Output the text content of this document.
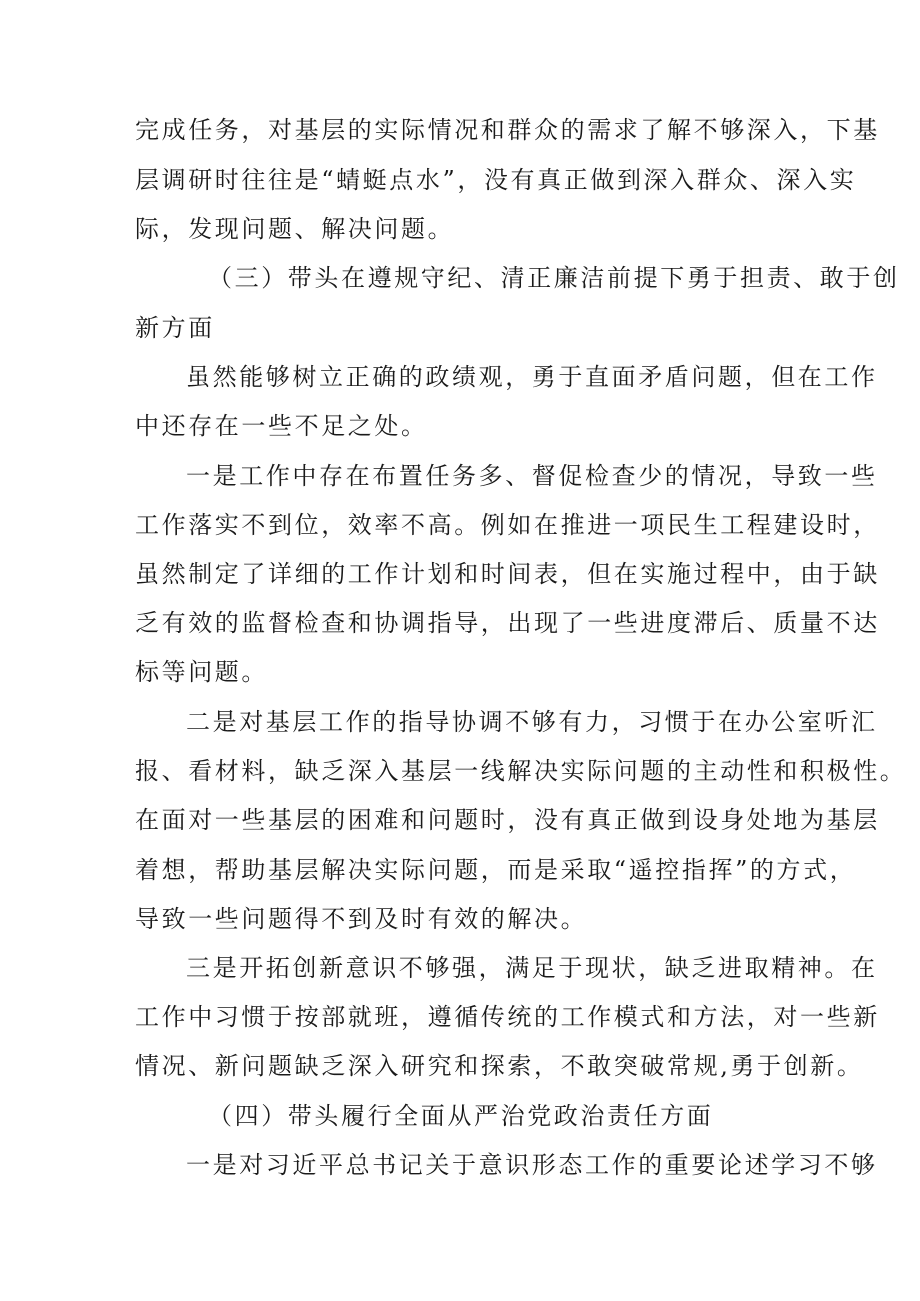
完成任务，对基层的实际情况和群众的需求了解不够深入，下基
层调研时往往是“蜻蜓点水”，没有真正做到深入群众、深入实
际，发现问题、解决问题。
（三）带头在遵规守纪、清正廉洁前提下勇于担责、敢于创
新方面
虽然能够树立正确的政绩观，勇于直面矛盾问题，但在工作
中还存在一些不足之处。
一是工作中存在布置任务多、督促检查少的情况，导致一些
工作落实不到位，效率不高。例如在推进一项民生工程建设时，
虽然制定了详细的工作计划和时间表，但在实施过程中，由于缺
乏有效的监督检查和协调指导，出现了一些进度滞后、质量不达
标等问题。
二是对基层工作的指导协调不够有力，习惯于在办公室听汇
报、看材料，缺乏深入基层一线解决实际问题的主动性和积极性。
在面对一些基层的困难和问题时，没有真正做到设身处地为基层
着想，帮助基层解决实际问题，而是采取“遥控指挥”的方式，
导致一些问题得不到及时有效的解决。
三是开拓创新意识不够强，满足于现状，缺乏进取精神。在
工作中习惯于按部就班，遵循传统的工作模式和方法，对一些新
情况、新问题缺乏深入研究和探索，不敢突破常规,勇于创新。
（四）带头履行全面从严治党政治责任方面
一是对习近平总书记关于意识形态工作的重要论述学习不够
